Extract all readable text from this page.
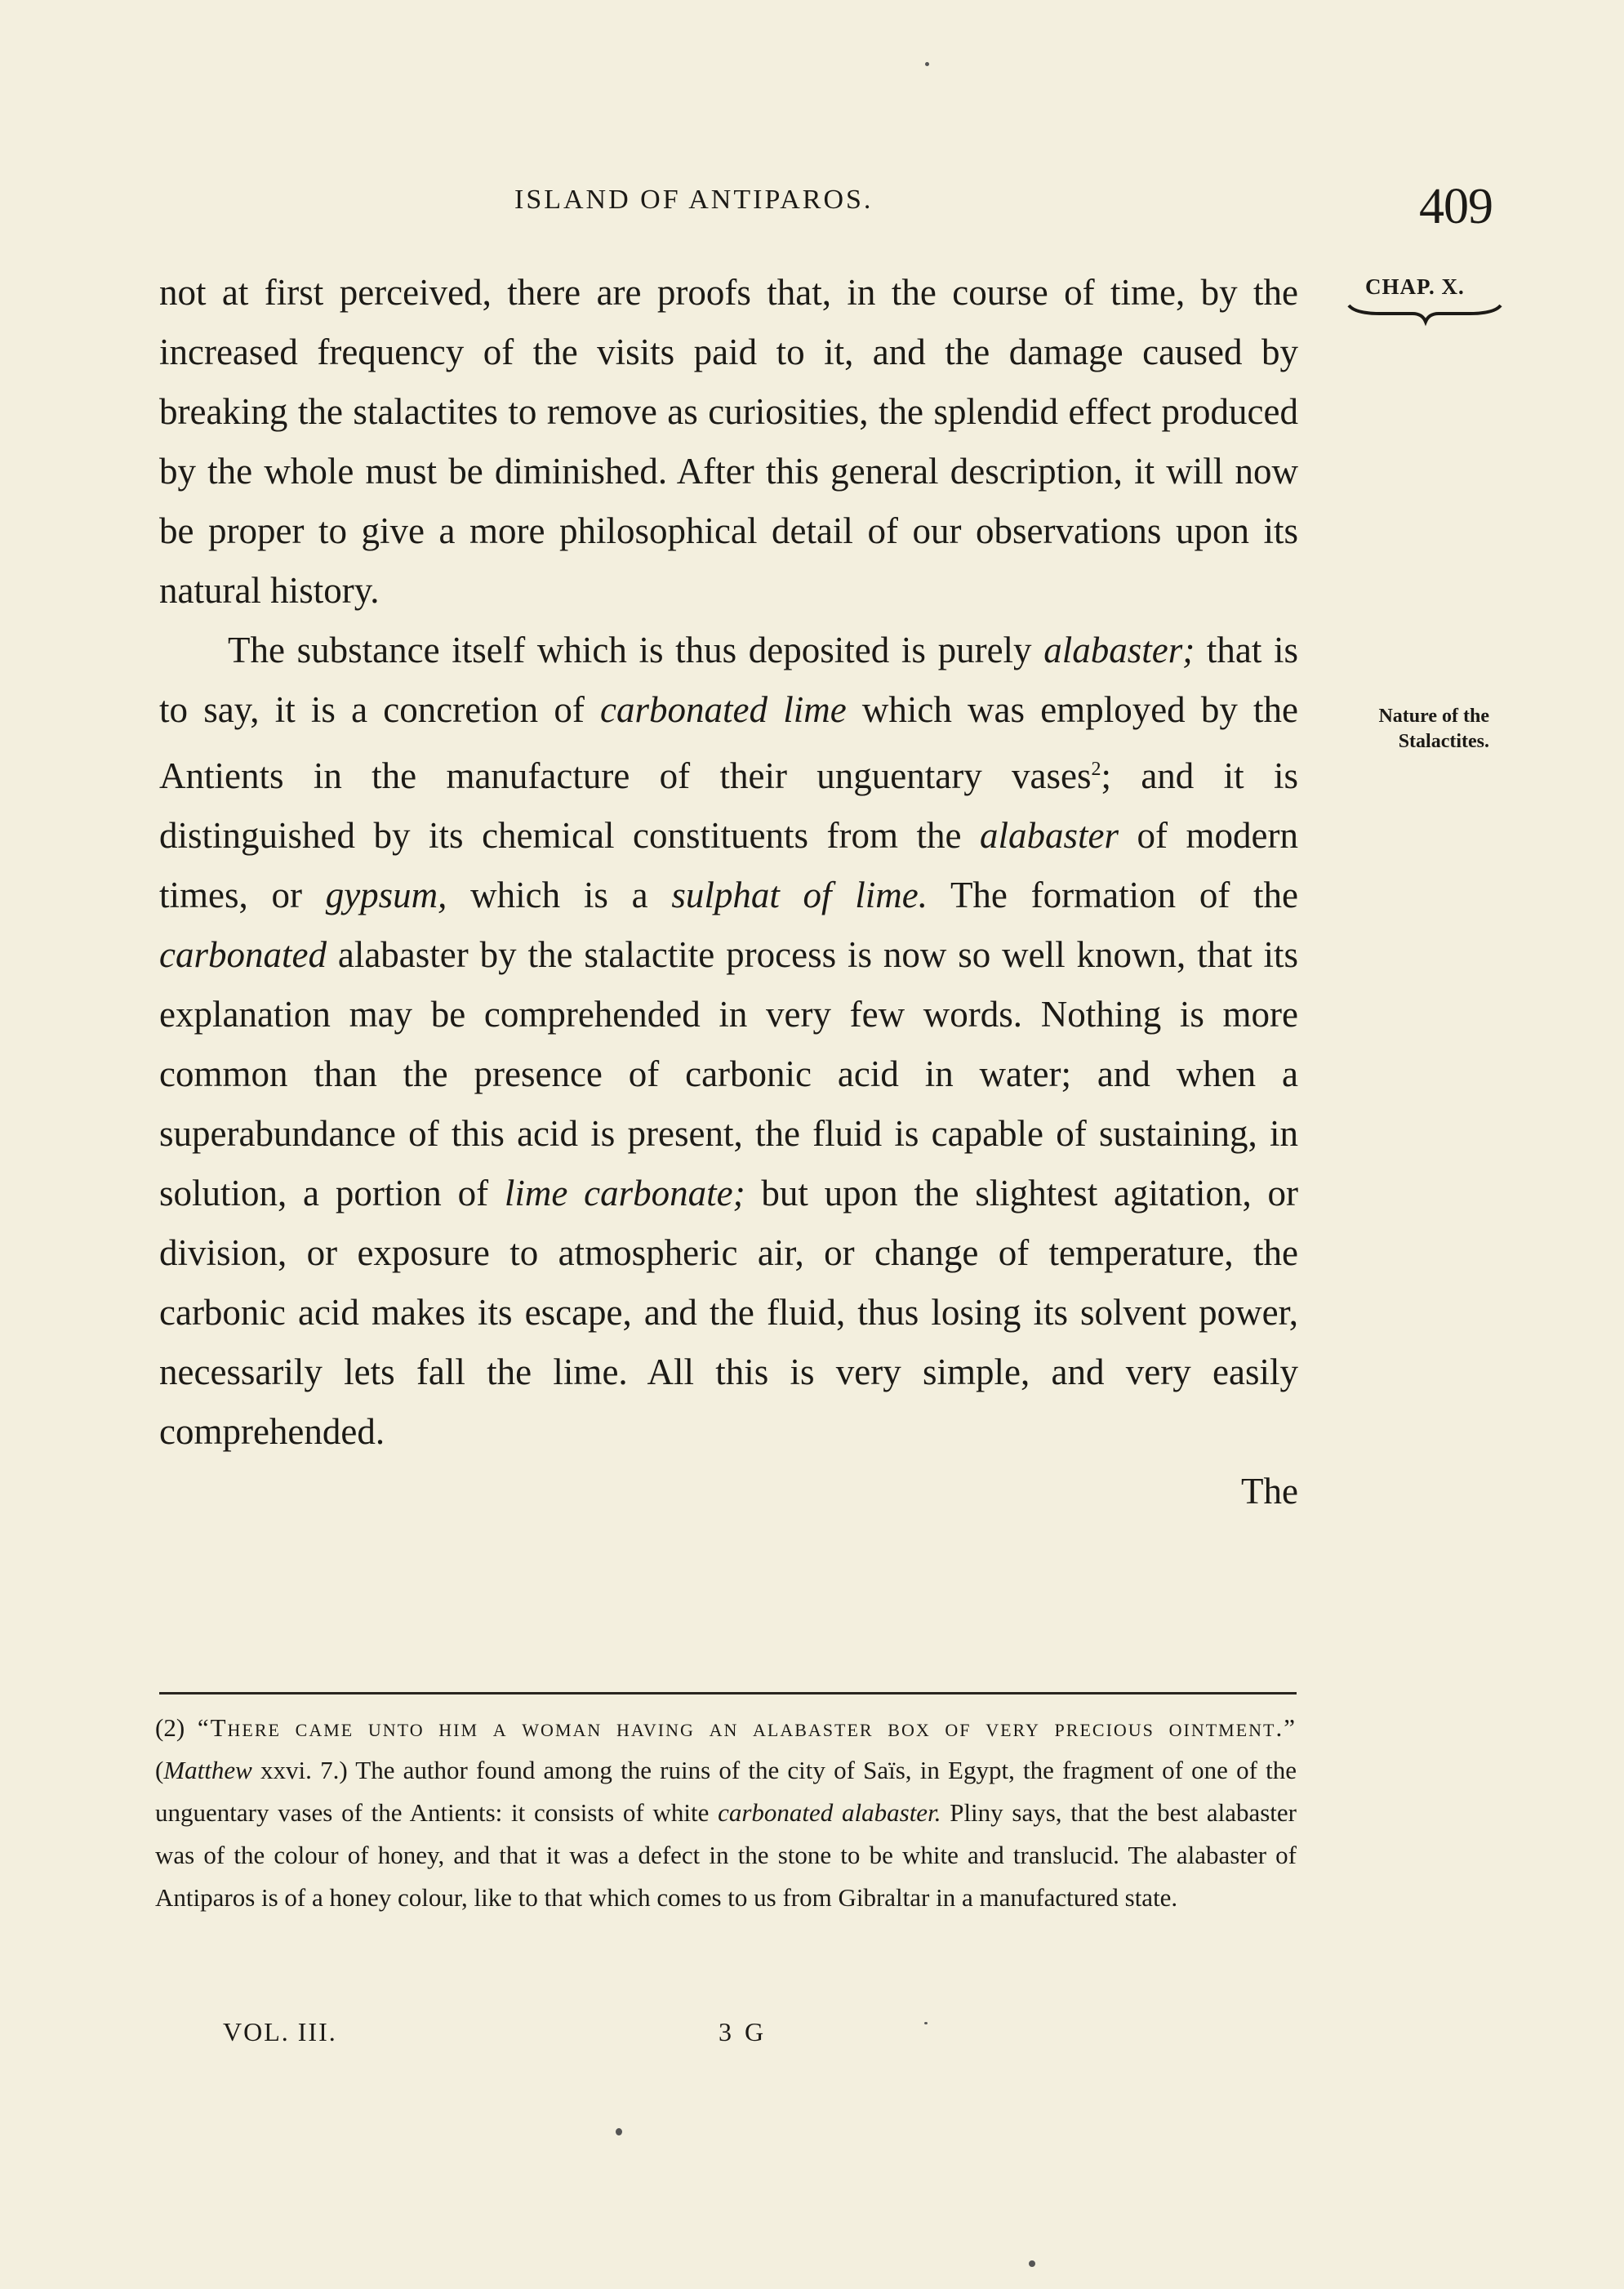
ISLAND OF ANTIPAROS.	409
CHAP. X.
Nature of the
Stalactites.

not at first perceived, there are proofs that, in the course of time, by the increased frequency of the visits paid to it, and the damage caused by breaking the stalactites to remove as curiosities, the splendid effect produced by the whole must be diminished. After this general description, it will now be proper to give a more philosophical detail of our observations upon its natural history.

The substance itself which is thus deposited is purely alabaster; that is to say, it is a concretion of carbonated lime which was employed by the Antients in the manufacture of their unguentary vases$^2$; and it is distinguished by its chemical constituents from the alabaster of modern times, or gypsum, which is a sulphat of lime. The formation of the carbonated alabaster by the stalactite process is now so well known, that its explanation may be comprehended in very few words. Nothing is more common than the presence of carbonic acid in water; and when a superabundance of this acid is present, the fluid is capable of sustaining, in solution, a portion of lime carbonate; but upon the slightest agitation, or division, or exposure to atmospheric air, or change of temperature, the carbonic acid makes its escape, and the fluid, thus losing its solvent power, necessarily lets fall the lime. All this is very simple, and very easily comprehended.

The

(2) “There came unto him a woman having an alabaster box of very precious ointment.” (Matthew xxvi. 7.) The author found among the ruins of the city of Saïs, in Egypt, the fragment of one of the unguentary vases of the Antients: it consists of white carbonated alabaster. Pliny says, that the best alabaster was of the colour of honey, and that it was a defect in the stone to be white and translucid. The alabaster of Antiparos is of a honey colour, like to that which comes to us from Gibraltar in a manufactured state.

VOL. III.	3 G
